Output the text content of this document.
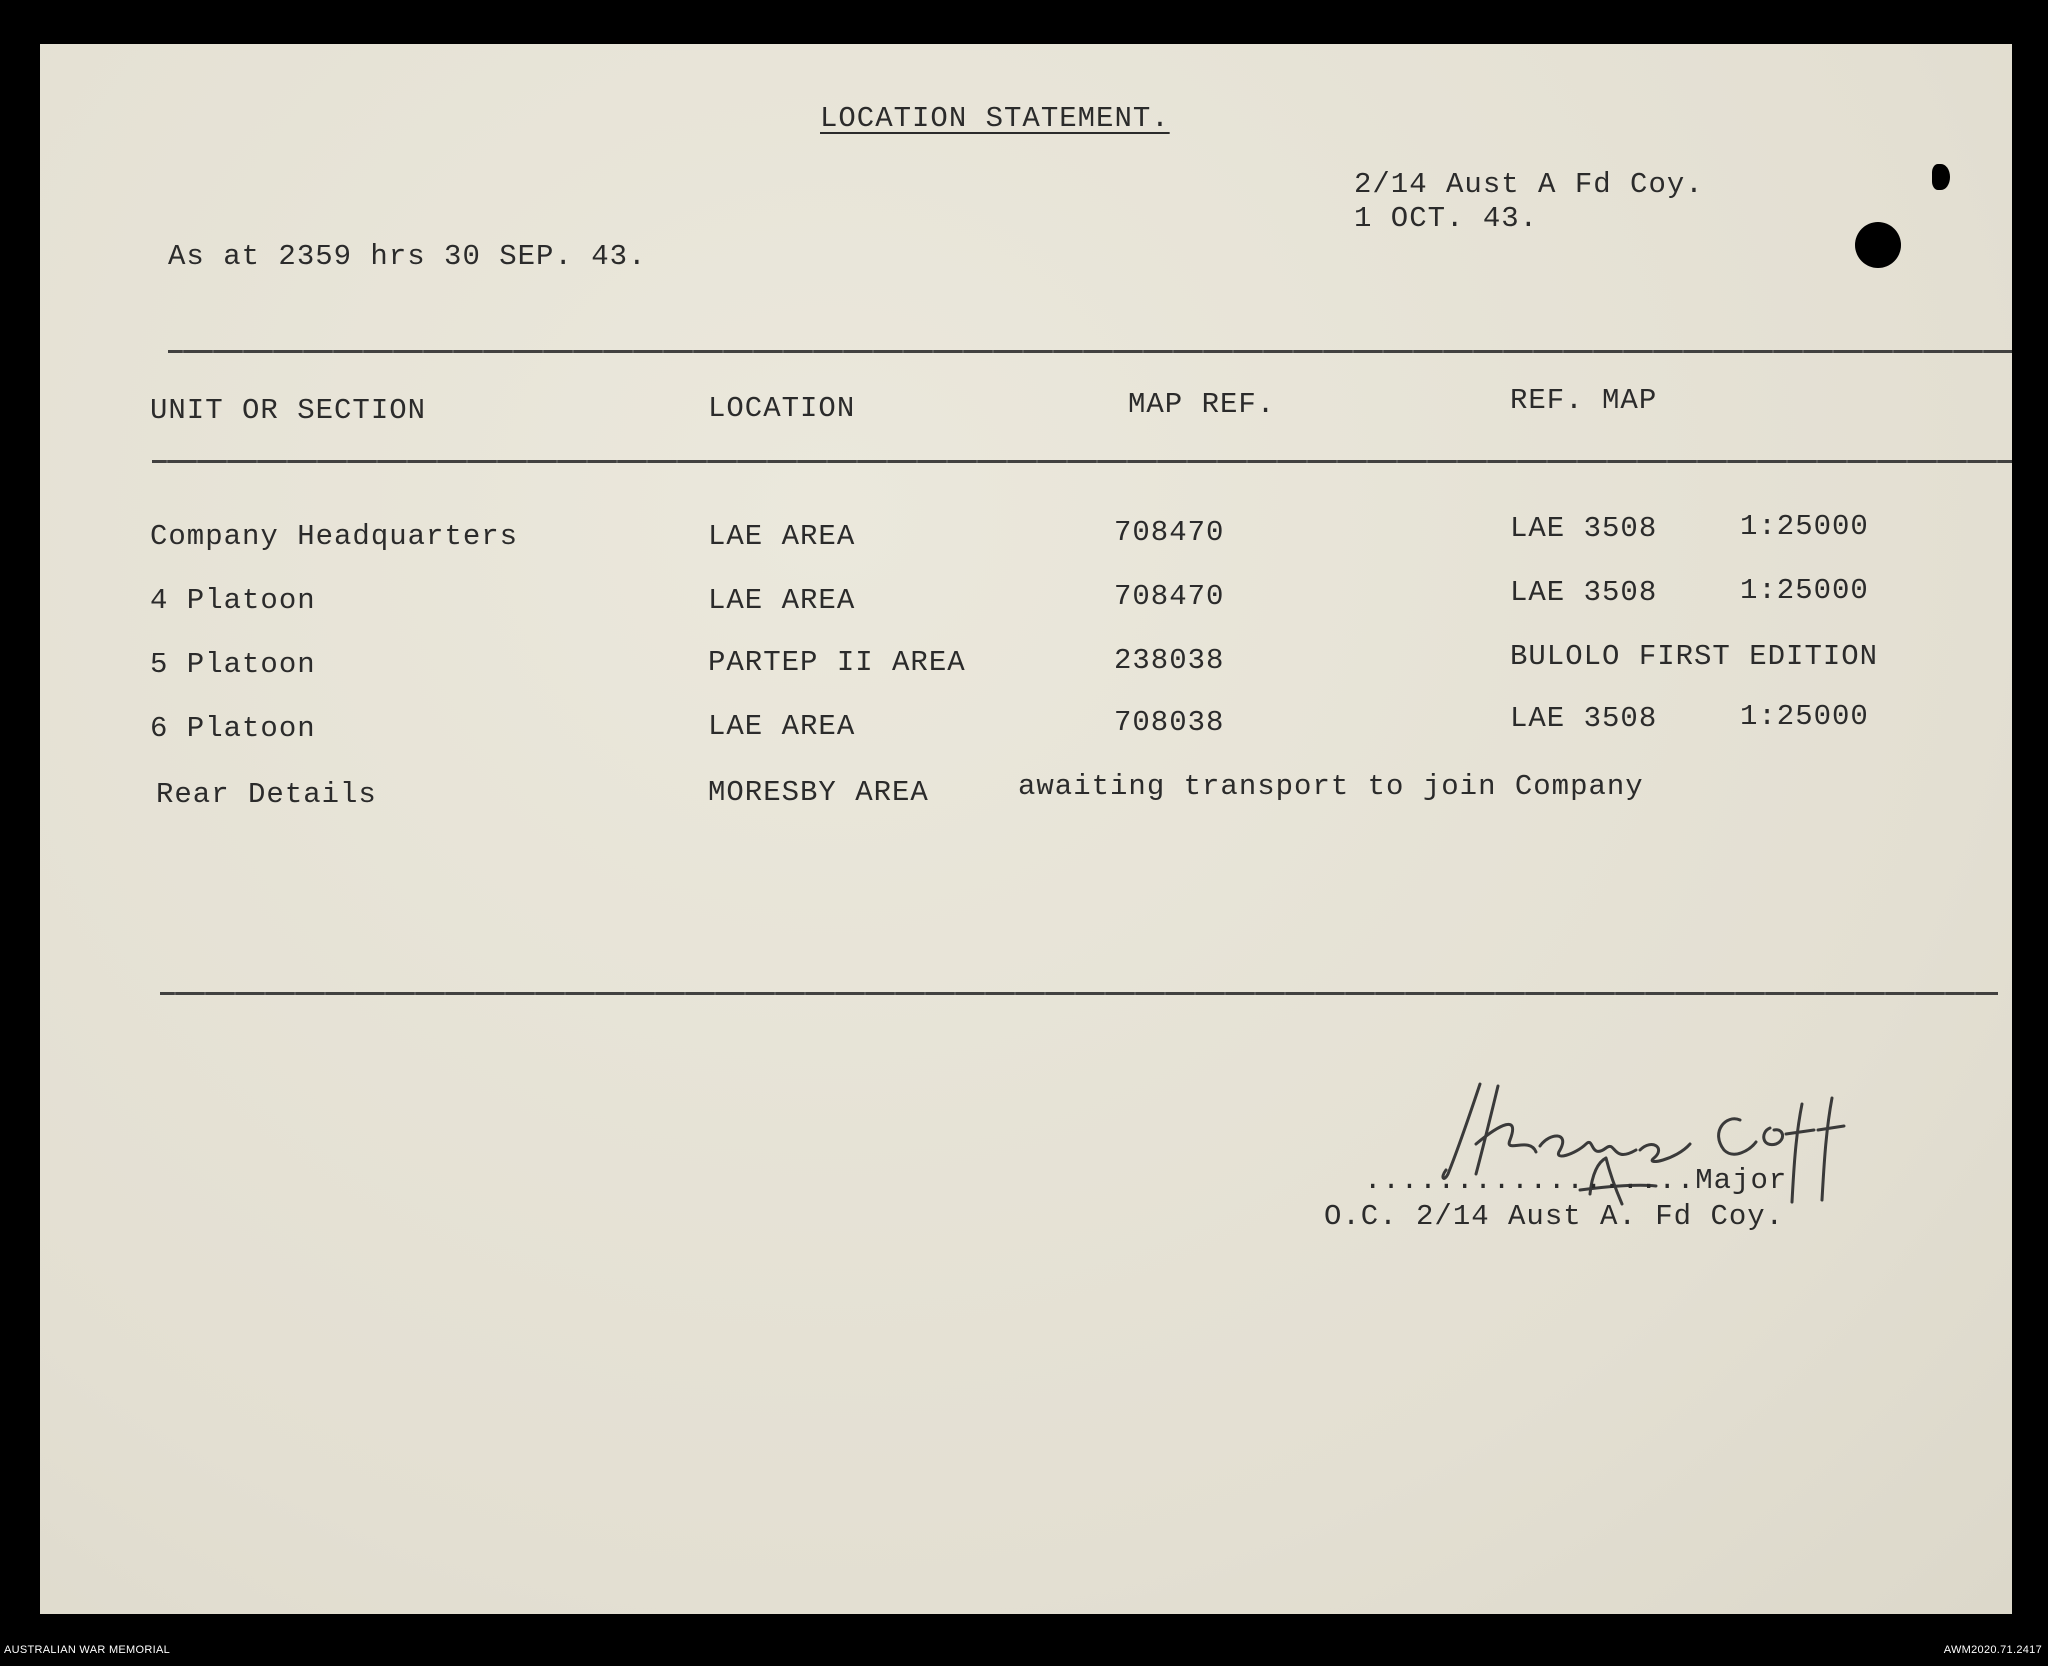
LOCATION STATEMENT.
2/14 Aust A Fd Coy.
1 OCT. 43.
As at 2359 hrs 30 SEP. 43.
UNIT OR SECTION	LOCATION	MAP REF.	REF. MAP
Company Headquarters	LAE AREA	708470	LAE 3508	1:25000
4 Platoon	LAE AREA	708470	LAE 3508	1:25000
5 Platoon	PARTEP II AREA	238038	BULOLO FIRST EDITION
6 Platoon	LAE AREA	708038	LAE 3508	1:25000
Rear Details	MORESBY AREA	awaiting transport to join Company
..................Major
O.C. 2/14 Aust A. Fd Coy.
AUSTRALIAN WAR MEMORIAL	AWM2020.71.2417
